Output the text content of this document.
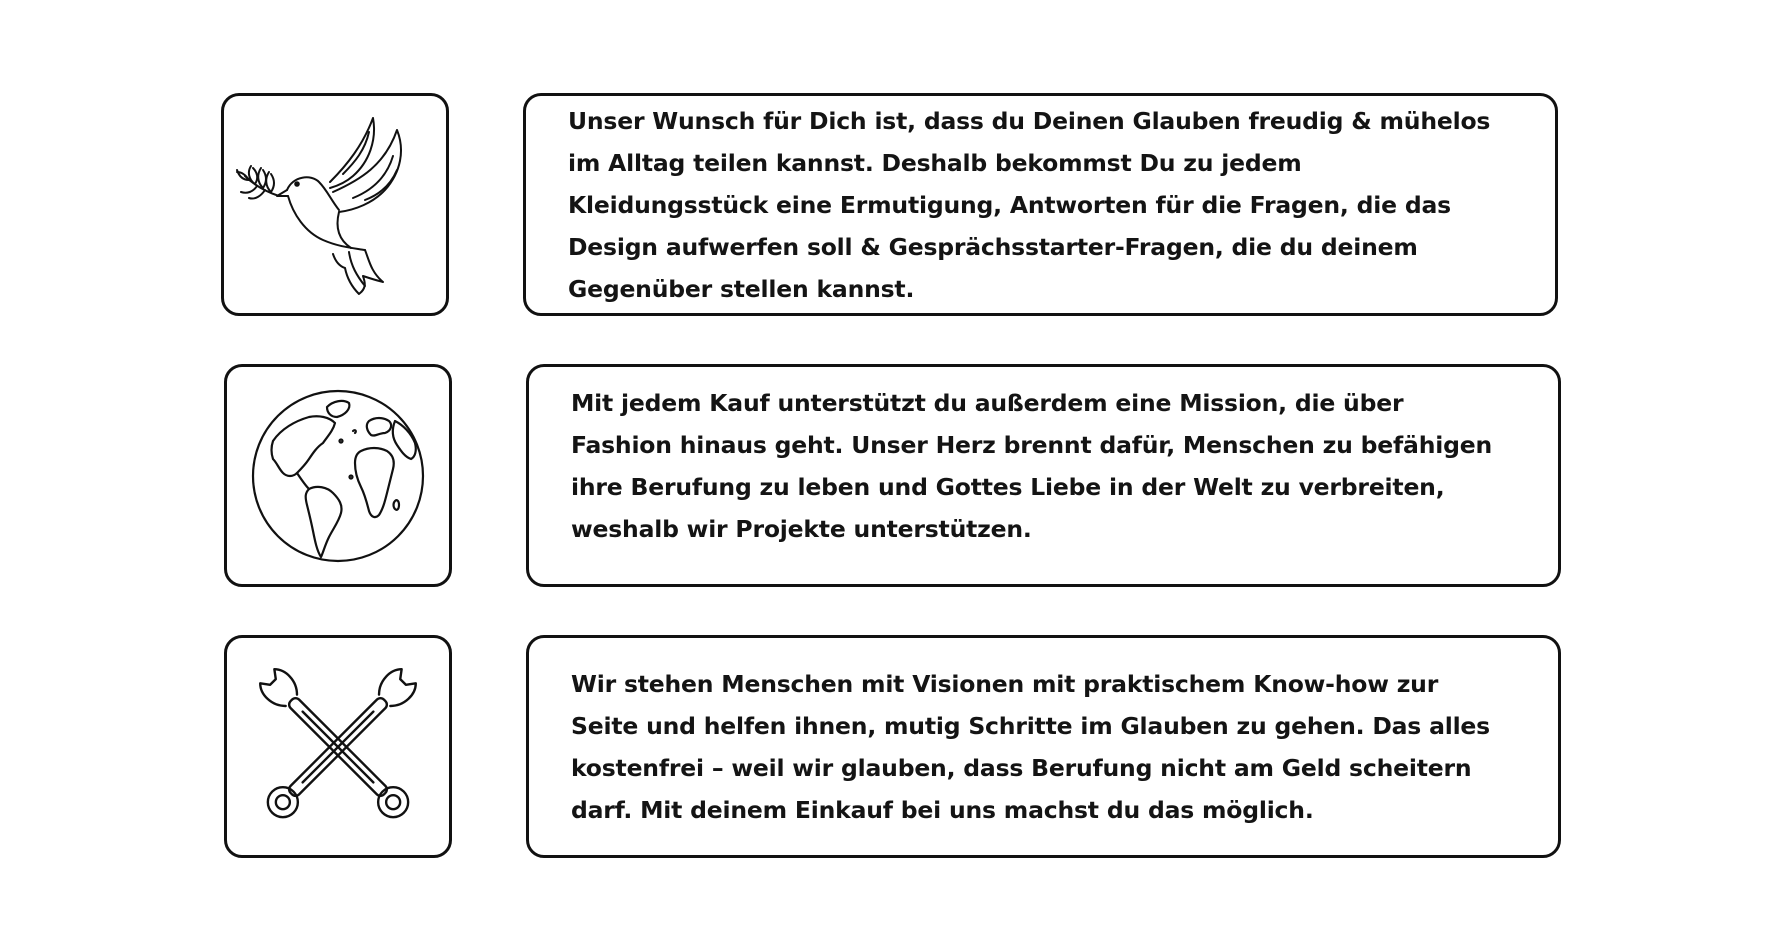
Unser Wunsch für Dich ist, dass du Deinen Glauben freudig & mühelos im Alltag teilen kannst. Deshalb bekommst Du zu jedem Kleidungsstück eine Ermutigung, Antworten für die Fragen, die das Design aufwerfen soll & Gesprächsstarter-Fragen, die du deinem Gegenüber stellen kannst.

Mit jedem Kauf unterstützt du außerdem eine Mission, die über Fashion hinaus geht. Unser Herz brennt dafür, Menschen zu befähigen ihre Berufung zu leben und Gottes Liebe in der Welt zu verbreiten, weshalb wir Projekte unterstützen.

Wir stehen Menschen mit Visionen mit praktischem Know-how zur Seite und helfen ihnen, mutig Schritte im Glauben zu gehen. Das alles kostenfrei – weil wir glauben, dass Berufung nicht am Geld scheitern darf. Mit deinem Einkauf bei uns machst du das möglich.
